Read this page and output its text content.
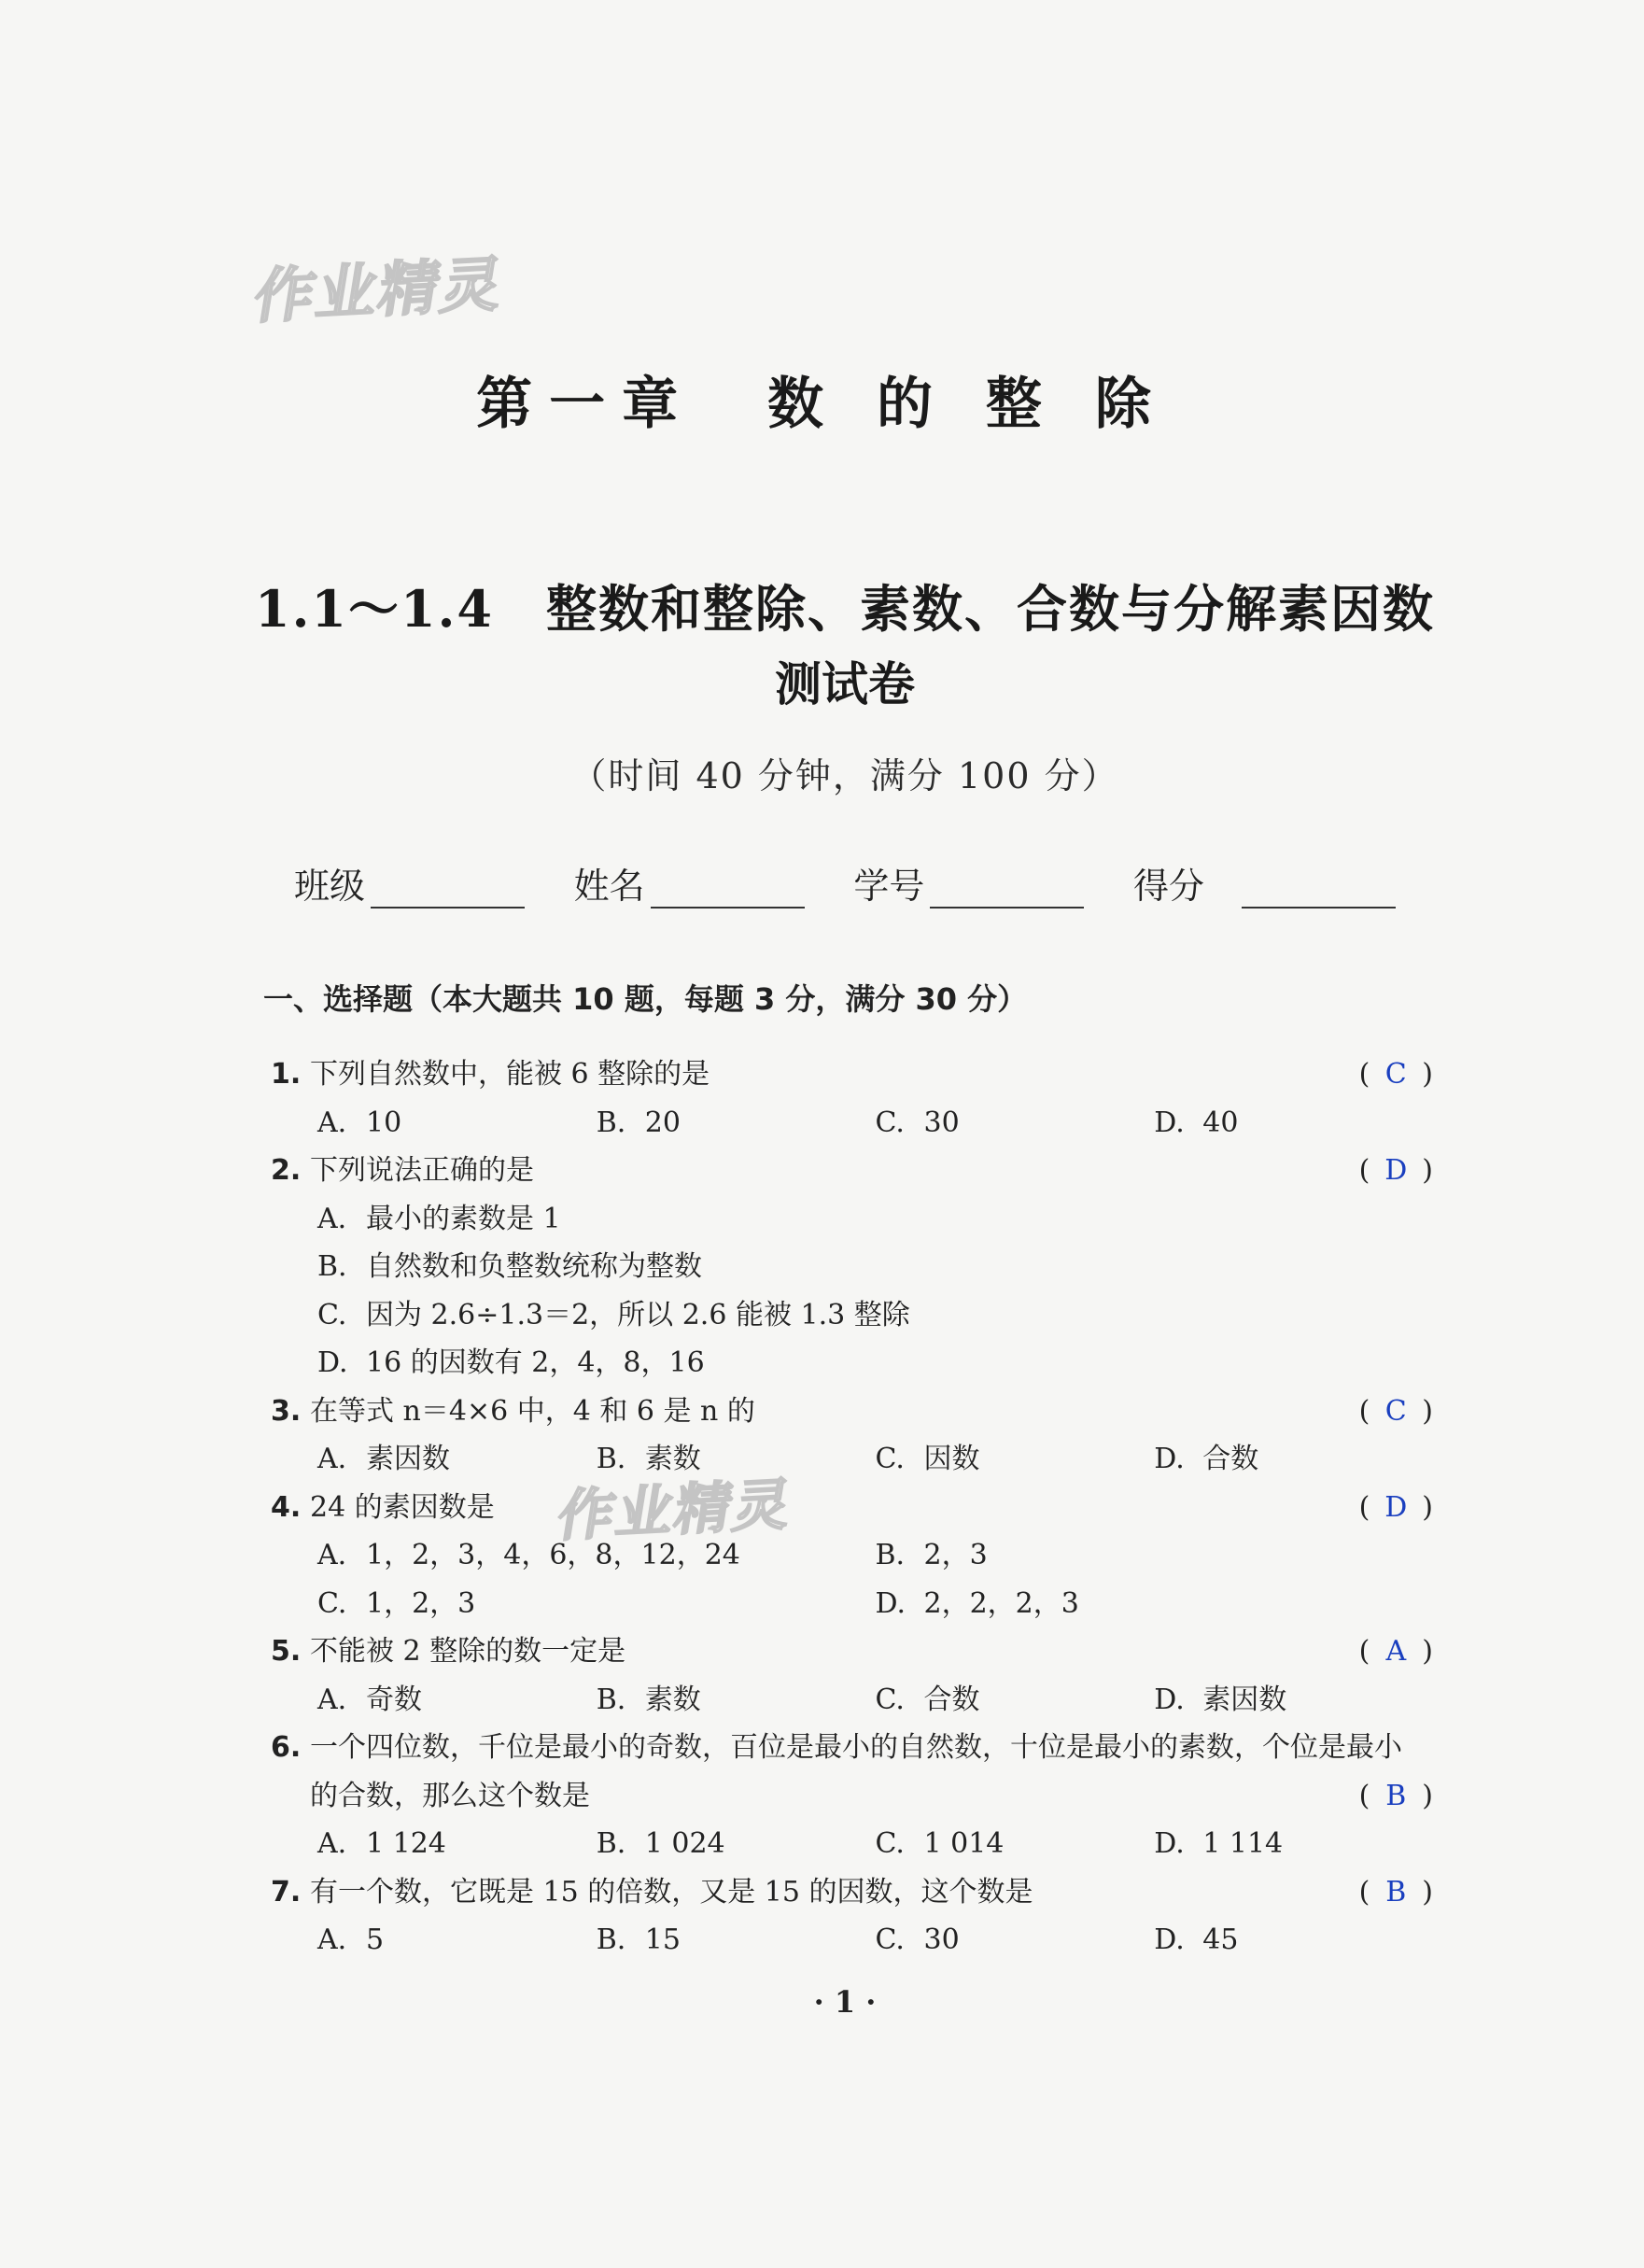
作业精灵
作业精灵
第一章　数 的 整 除
1.1～1.4　整数和整除、素数、合数与分解素因数
测试卷
（时间 40 分钟，满分 100 分）
班级	姓名	学号	得分
一、选择题（本大题共 10 题，每题 3 分，满分 30 分）
1. 下列自然数中，能被 6 整除的是	( C )
A. 10	B. 20	C. 30	D. 40
2. 下列说法正确的是	( D )
A. 最小的素数是 1
B. 自然数和负整数统称为整数
C. 因为 2.6÷1.3＝2，所以 2.6 能被 1.3 整除
D. 16 的因数有 2，4，8，16
3. 在等式 n＝4×6 中，4 和 6 是 n 的	( C )
A. 素因数	B. 素数	C. 因数	D. 合数
4. 24 的素因数是	( D )
A. 1，2，3，4，6，8，12，24	B. 2，3
C. 1，2，3	D. 2，2，2，3
5. 不能被 2 整除的数一定是	( A )
A. 奇数	B. 素数	C. 合数	D. 素因数
6. 一个四位数，千位是最小的奇数，百位是最小的自然数，十位是最小的素数，个位是最小
的合数，那么这个数是	( B )
A. 1 124	B. 1 024	C. 1 014	D. 1 114
7. 有一个数，它既是 15 的倍数，又是 15 的因数，这个数是	( B )
A. 5	B. 15	C. 30	D. 45
· 1 ·
